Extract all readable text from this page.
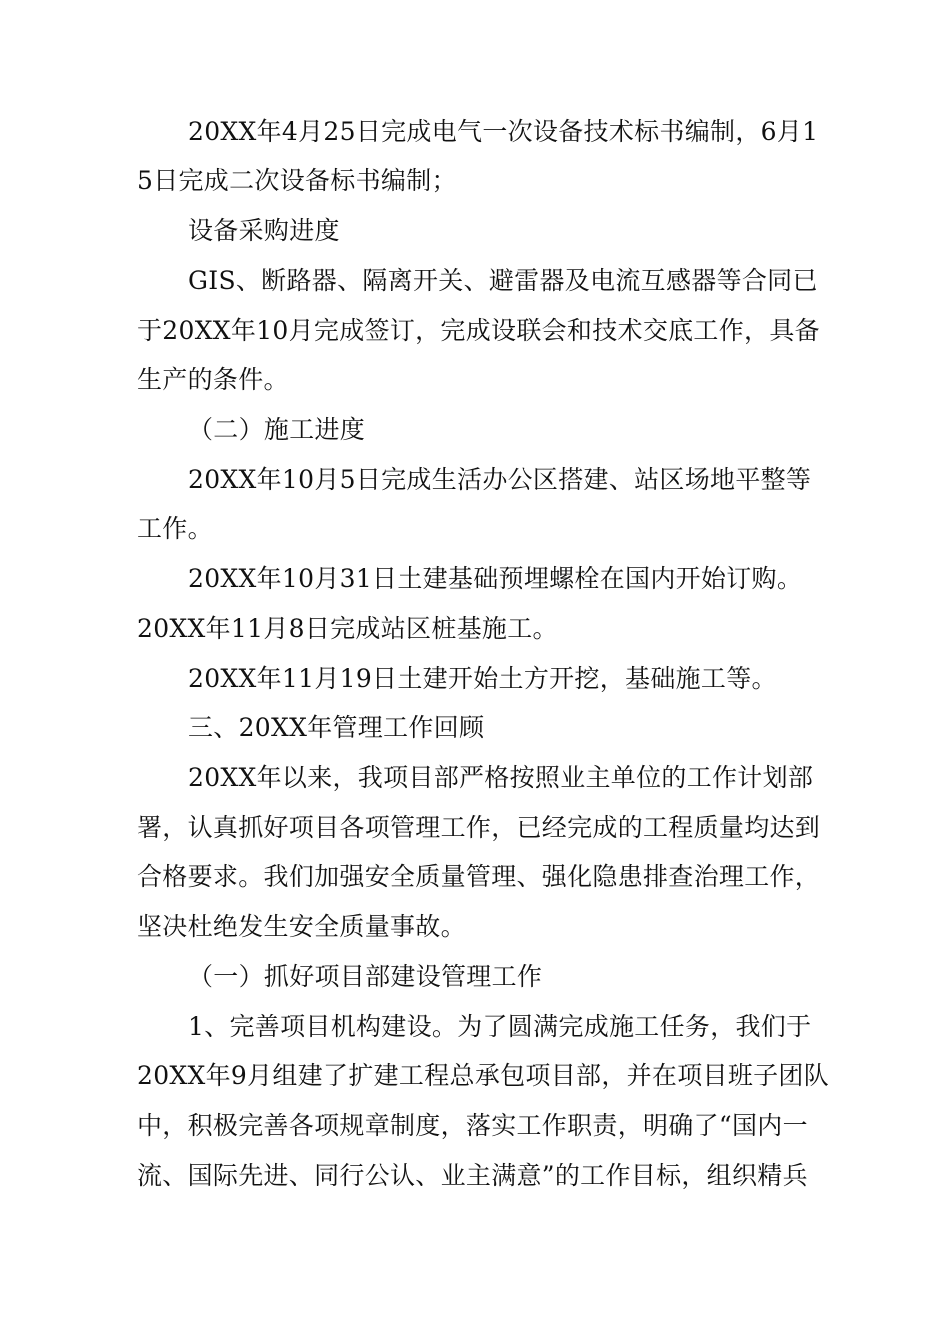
20XX年4月25日完成电气一次设备技术标书编制，6月1
5日完成二次设备标书编制；
设备采购进度
GIS、断路器、隔离开关、避雷器及电流互感器等合同已
于20XX年10月完成签订，完成设联会和技术交底工作，具备
生产的条件。
（二）施工进度
20XX年10月5日完成生活办公区搭建、站区场地平整等
工作。
20XX年10月31日土建基础预埋螺栓在国内开始订购。
20XX年11月8日完成站区桩基施工。
20XX年11月19日土建开始土方开挖，基础施工等。
三、20XX年管理工作回顾
20XX年以来，我项目部严格按照业主单位的工作计划部
署，认真抓好项目各项管理工作，已经完成的工程质量均达到
合格要求。我们加强安全质量管理、强化隐患排查治理工作，
坚决杜绝发生安全质量事故。
（一）抓好项目部建设管理工作
1、完善项目机构建设。为了圆满完成施工任务，我们于
20XX年9月组建了扩建工程总承包项目部，并在项目班子团队
中，积极完善各项规章制度，落实工作职责，明确了“国内一
流、国际先进、同行公认、业主满意”的工作目标，组织精兵
